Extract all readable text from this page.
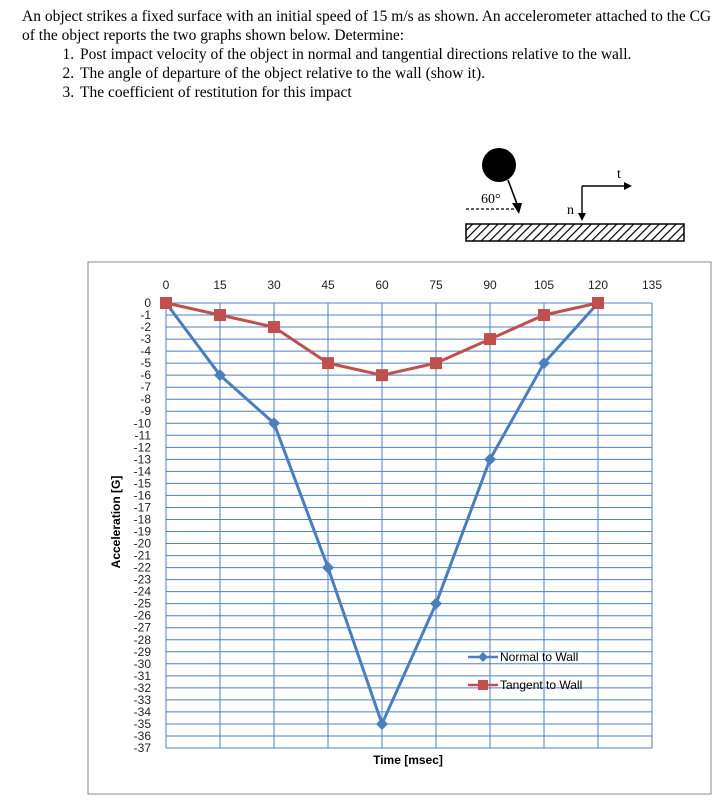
An object strikes a fixed surface with an initial speed of 15 m/s as shown. An accelerometer attached to the CG of the object reports the two graphs shown below. Determine:

1. Post impact velocity of the object in normal and tangential directions relative to the wall.
2. The angle of departure of the object relative to the wall (show it).
3. The coefficient of restitution for this impact
60°
n
t
0	15	30	45	60	75	90	105	120	135
0
-1
-2
-3
-4
-5
-6
-7
-8
-9
-10
-11
-12
-13
-14
-15
-16
-17
-18
-19
-20
-21
-22
-23
-24
-25
-26
-27
-28
-29
-30
-31
-32
-33
-34
-35
-36
-37
Time [msec]
Acceleration [G]
Normal to Wall
Tangent to Wall
